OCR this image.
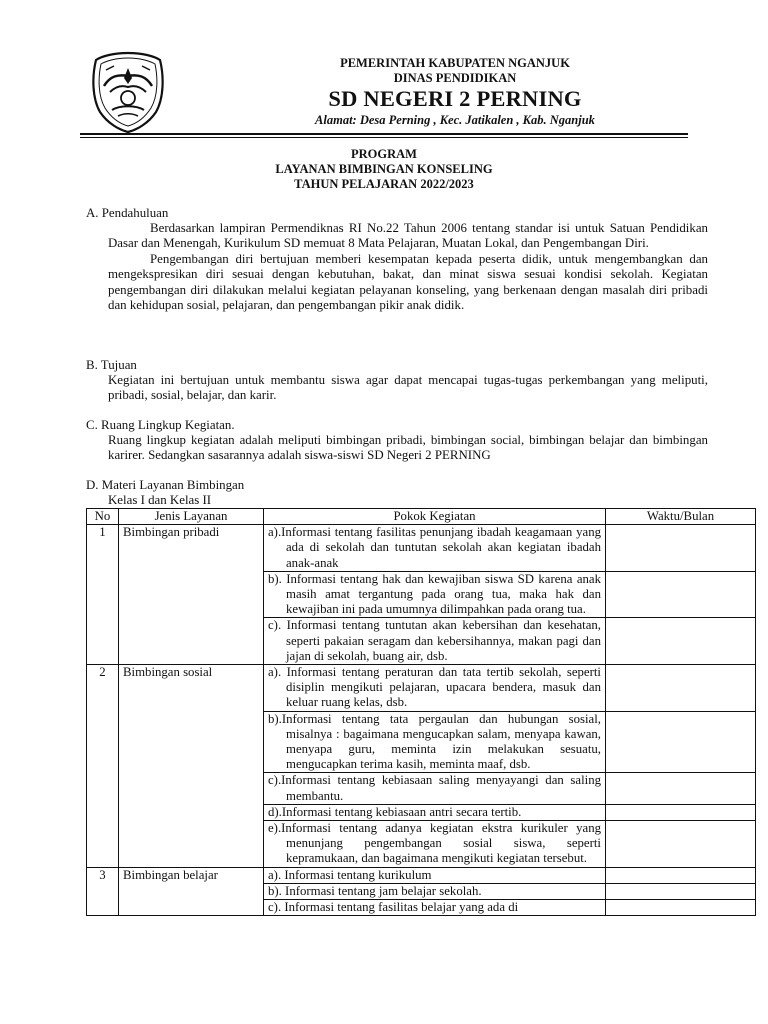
PEMERINTAH KABUPATEN NGANJUK
DINAS PENDIDIKAN
SD NEGERI 2 PERNING
Alamat: Desa Perning , Kec. Jatikalen , Kab. Nganjuk
PROGRAM
LAYANAN BIMBINGAN KONSELING
TAHUN PELAJARAN 2022/2023
A. Pendahuluan

Berdasarkan lampiran Permendiknas RI No.22 Tahun 2006 tentang standar isi untuk Satuan Pendidikan Dasar dan Menengah, Kurikulum SD memuat 8 Mata Pelajaran, Muatan Lokal, dan Pengembangan Diri.

Pengembangan diri bertujuan memberi kesempatan kepada peserta didik, untuk mengembangkan dan mengekspresikan diri sesuai dengan kebutuhan, bakat, dan minat siswa sesuai kondisi sekolah. Kegiatan pengembangan diri dilakukan melalui kegiatan pelayanan konseling, yang berkenaan dengan masalah diri pribadi dan kehidupan sosial, pelajaran, dan pengembangan pikir anak didik.

B. Tujuan

Kegiatan ini bertujuan untuk membantu siswa agar dapat mencapai tugas-tugas perkembangan yang meliputi, pribadi, sosial, belajar, dan karir.

C. Ruang Lingkup Kegiatan.

Ruang lingkup kegiatan adalah meliputi bimbingan pribadi, bimbingan social, bimbingan belajar dan bimbingan karirer. Sedangkan sasarannya adalah siswa-siswi SD Negeri 2 PERNING

D. Materi Layanan Bimbingan
Kelas I dan Kelas II
No	Jenis Layanan	Pokok Kegiatan	Waktu/Bulan
1	Bimbingan pribadi	a).Informasi tentang fasilitas penunjang ibadah keagamaan yang ada di sekolah dan tuntutan sekolah akan kegiatan ibadah anak-anak	
		b). Informasi tentang hak dan kewajiban siswa SD karena anak masih amat tergantung pada orang tua, maka hak dan kewajiban ini pada umumnya dilimpahkan pada orang tua.	
		c). Informasi tentang tuntutan akan kebersihan dan kesehatan, seperti pakaian seragam dan kebersihannya, makan pagi dan jajan di sekolah, buang air, dsb.	
2	Bimbingan sosial	a). Informasi tentang peraturan dan tata tertib sekolah, seperti disiplin mengikuti pelajaran, upacara bendera, masuk dan keluar ruang kelas, dsb.	
		b).Informasi tentang tata pergaulan dan hubungan sosial, misalnya : bagaimana mengucapkan salam, menyapa kawan, menyapa guru, meminta izin melakukan sesuatu, mengucapkan terima kasih, meminta maaf, dsb.	
		c).Informasi tentang kebiasaan saling menyayangi dan saling membantu.	
		d).Informasi tentang kebiasaan antri secara tertib.	
		e).Informasi tentang adanya kegiatan ekstra kurikuler yang menunjang pengembangan sosial siswa, seperti kepramukaan, dan bagaimana mengikuti kegiatan tersebut.	
3	Bimbingan belajar	a). Informasi tentang kurikulum	
		b). Informasi tentang jam belajar sekolah.	
		c). Informasi tentang fasilitas belajar yang ada di	
